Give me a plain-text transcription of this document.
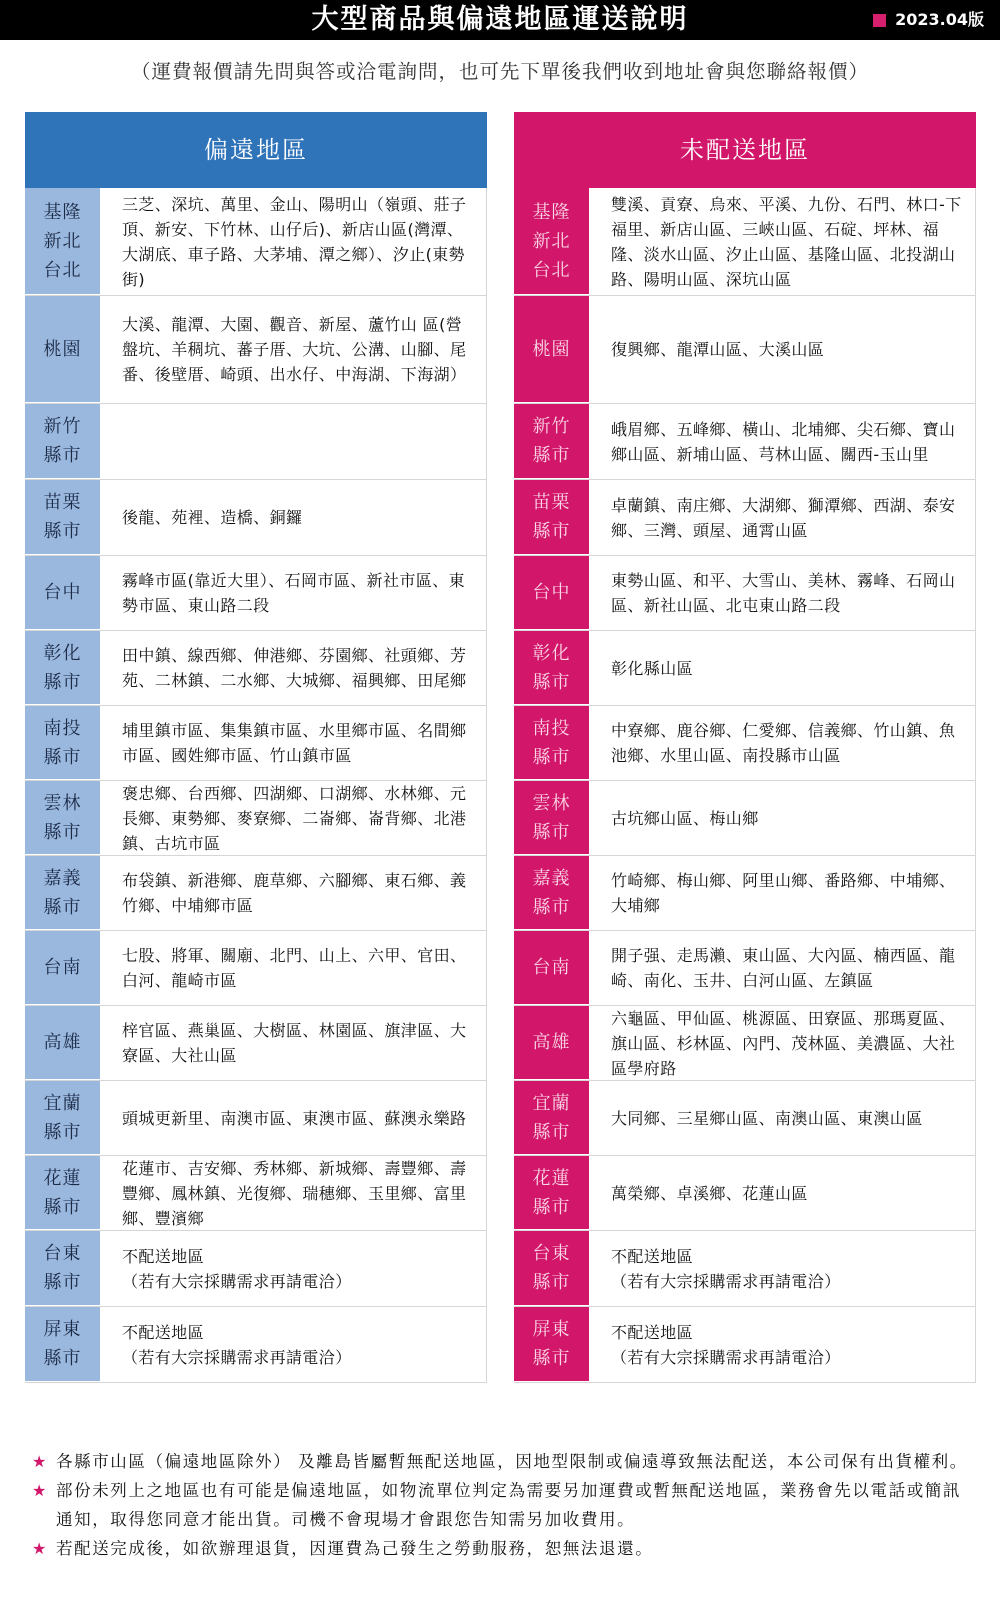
大型商品與偏遠地區運送說明	2023.04版
（運費報價請先問與答或洽電詢問，也可先下單後我們收到地址會與您聯絡報價）
偏遠地區
基隆
新北
台北
三芝、深坑、萬里、金山、陽明山（嶺頭、莊子頂、新安、下竹林、山仔后)、新店山區(灣潭、大湖底、車子路、大茅埔、潭之鄉）、汐止(東勢街)
桃園
大溪、龍潭、大園、觀音、新屋、蘆竹山 區(營盤坑、羊稠坑、蕃子厝、大坑、公溝、山腳、尾番、後壁厝、崎頭、出水仔、中海湖、下海湖）
新竹
縣市
苗栗
縣市
後龍、苑裡、造橋、銅鑼
台中
霧峰市區(靠近大里）、石岡市區、新社市區、東勢市區、東山路二段
彰化
縣市
田中鎮、線西鄉、伸港鄉、芬園鄉、社頭鄉、芳苑、二林鎮、二水鄉、大城鄉、福興鄉、田尾鄉
南投
縣市
埔里鎮市區、集集鎮市區、水里鄉市區、名間鄉市區、國姓鄉市區、竹山鎮市區
雲林
縣市
褒忠鄉、台西鄉、四湖鄉、口湖鄉、水林鄉、元長鄉、東勢鄉、麥寮鄉、二崙鄉、崙背鄉、北港鎮、古坑市區
嘉義
縣市
布袋鎮、新港鄉、鹿草鄉、六腳鄉、東石鄉、義竹鄉、中埔鄉市區
台南
七股、將軍、關廟、北門、山上、六甲、官田、白河、龍崎市區
高雄
梓官區、燕巢區、大樹區、林園區、旗津區、大寮區、大社山區
宜蘭
縣市
頭城更新里、南澳市區、東澳市區、蘇澳永樂路
花蓮
縣市
花蓮市、吉安鄉、秀林鄉、新城鄉、壽豐鄉、壽豐鄉、鳳林鎮、光復鄉、瑞穗鄉、玉里鄉、富里鄉、豐濱鄉
台東
縣市
不配送地區
（若有大宗採購需求再請電洽）
屏東
縣市
不配送地區
（若有大宗採購需求再請電洽）
未配送地區
基隆
新北
台北
雙溪、貢寮、烏來、平溪、九份、石門、林口-下福里、新店山區、三峽山區、石碇、坪林、福隆、淡水山區、汐止山區、基隆山區、北投湖山路、陽明山區、深坑山區
桃園	復興鄉、龍潭山區、大溪山區
新竹
縣市
峨眉鄉、五峰鄉、橫山、北埔鄉、尖石鄉、寶山鄉山區、新埔山區、芎林山區、關西-玉山里
苗栗
縣市
卓蘭鎮、南庄鄉、大湖鄉、獅潭鄉、西湖、泰安鄉、三灣、頭屋、通霄山區
台中
東勢山區、和平、大雪山、美林、霧峰、石岡山區、新社山區、北屯東山路二段
彰化
縣市
彰化縣山區
南投
縣市
中寮鄉、鹿谷鄉、仁愛鄉、信義鄉、竹山鎮、魚池鄉、水里山區、南投縣市山區
雲林
縣市
古坑鄉山區、梅山鄉
嘉義
縣市
竹崎鄉、梅山鄉、阿里山鄉、番路鄉、中埔鄉、大埔鄉
台南
開子强、走馬瀨、東山區、大內區、楠西區、龍崎、南化、玉井、白河山區、左鎮區
高雄
六龜區、甲仙區、桃源區、田寮區、那瑪夏區、旗山區、杉林區、內門、茂林區、美濃區、大社區學府路
宜蘭
縣市
大同鄉、三星鄉山區、南澳山區、東澳山區
花蓮
縣市
萬榮鄉、卓溪鄉、花蓮山區
台東
縣市
不配送地區
（若有大宗採購需求再請電洽）
屏東
縣市
不配送地區
（若有大宗採購需求再請電洽）
★ 各縣市山區（偏遠地區除外） 及離島皆屬暫無配送地區，因地型限制或偏遠導致無法配送，本公司保有出貨權利。
★ 部份未列上之地區也有可能是偏遠地區，如物流單位判定為需要另加運費或暫無配送地區，業務會先以電話或簡訊通知，取得您同意才能出貨。司機不會現場才會跟您告知需另加收費用。
★ 若配送完成後，如欲辦理退貨，因運費為己發生之勞動服務，恕無法退還。
